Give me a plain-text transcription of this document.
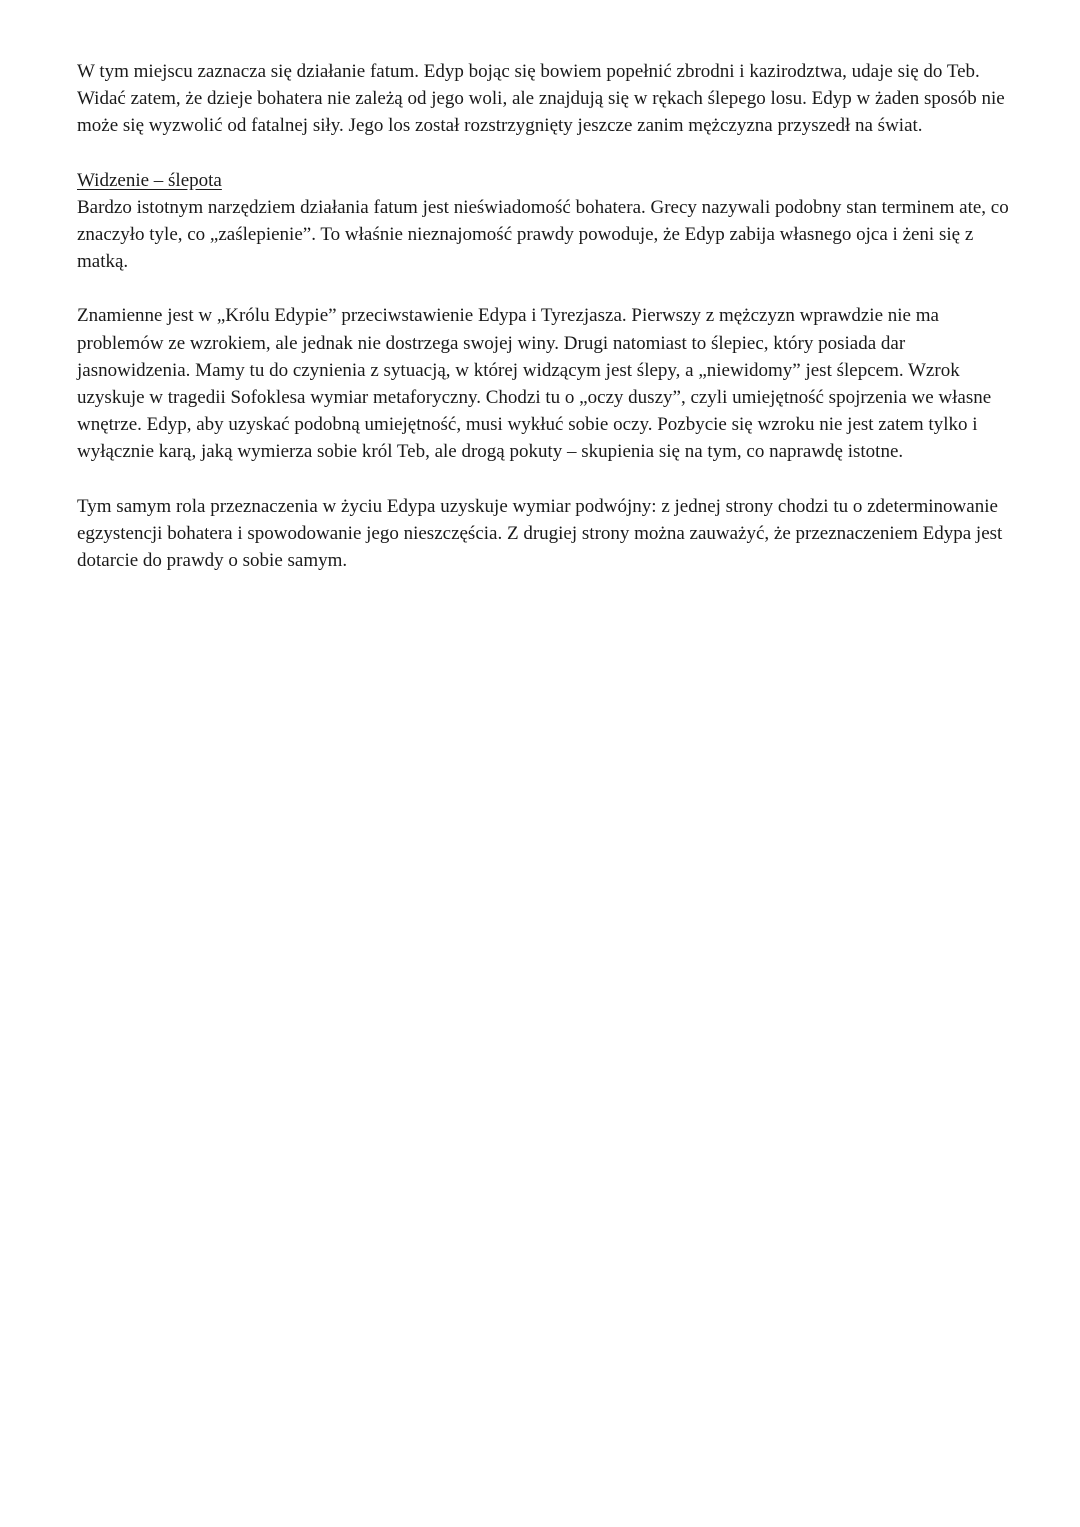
W tym miejscu zaznacza się działanie fatum. Edyp bojąc się bowiem popełnić zbrodni i kazirodztwa, udaje się do Teb. Widać zatem, że dzieje bohatera nie zależą od jego woli, ale znajdują się w rękach ślepego losu. Edyp w żaden sposób nie może się wyzwolić od fatalnej siły. Jego los został rozstrzygnięty jeszcze zanim mężczyzna przyszedł na świat.

Widzenie – ślepota

Bardzo istotnym narzędziem działania fatum jest nieświadomość bohatera. Grecy nazywali podobny stan terminem ate, co znaczyło tyle, co „zaślepienie”. To właśnie nieznajomość prawdy powoduje, że Edyp zabija własnego ojca i żeni się z matką.

Znamienne jest w „Królu Edypie” przeciwstawienie Edypa i Tyrezjasza. Pierwszy z mężczyzn wprawdzie nie ma problemów ze wzrokiem, ale jednak nie dostrzega swojej winy. Drugi natomiast to ślepiec, który posiada dar jasnowidzenia. Mamy tu do czynienia z sytuacją, w której widzącym jest ślepy, a „niewidomy” jest ślepcem. Wzrok uzyskuje w tragedii Sofoklesa wymiar metaforyczny. Chodzi tu o „oczy duszy”, czyli umiejętność spojrzenia we własne wnętrze. Edyp, aby uzyskać podobną umiejętność, musi wykłuć sobie oczy. Pozbycie się wzroku nie jest zatem tylko i wyłącznie karą, jaką wymierza sobie król Teb, ale drogą pokuty – skupienia się na tym, co naprawdę istotne.

Tym samym rola przeznaczenia w życiu Edypa uzyskuje wymiar podwójny: z jednej strony chodzi tu o zdeterminowanie egzystencji bohatera i spowodowanie jego nieszczęścia. Z drugiej strony można zauważyć, że przeznaczeniem Edypa jest dotarcie do prawdy o sobie samym.
